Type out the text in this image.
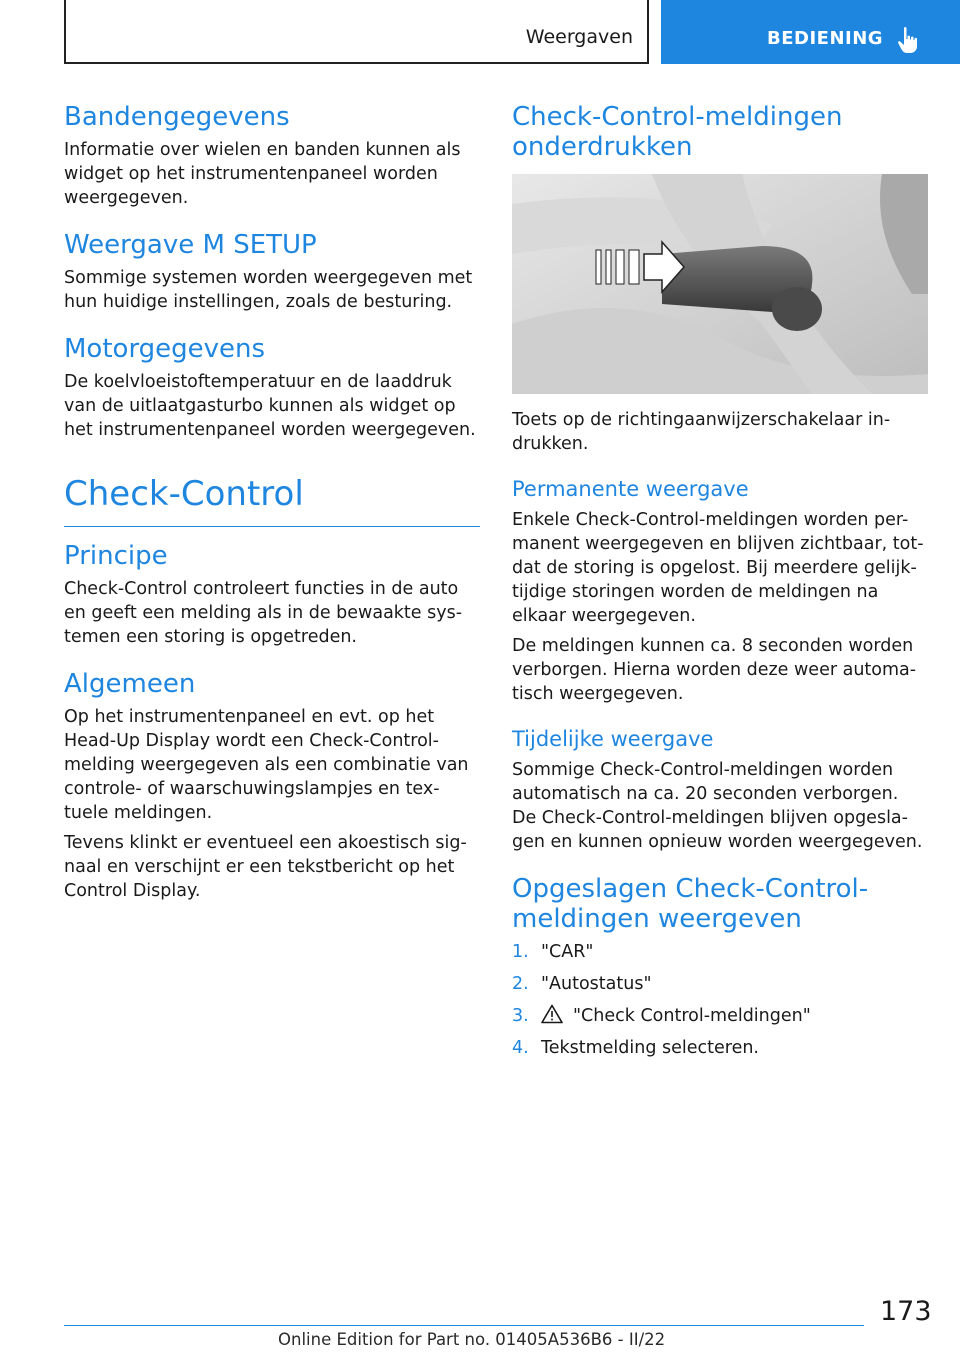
Weergaven	BEDIENING
Bandengegevens

Informatie over wielen en banden kunnen als widget op het instrumentenpaneel worden weergegeven.

Weergave M SETUP

Sommige systemen worden weergegeven met hun huidige instellingen, zoals de besturing.

Motorgegevens

De koelvloeistoftemperatuur en de laaddruk van de uitlaatgasturbo kunnen als widget op het instrumentenpaneel worden weergegeven.

Check-Control
Principe

Check-Control controleert functies in de auto en geeft een melding als in de bewaakte sys- temen een storing is opgetreden.

Algemeen

Op het instrumentenpaneel en evt. op het Head-Up Display wordt een Check-Control- melding weergegeven als een combinatie van controle- of waarschuwingslampjes en tex- tuele meldingen.

Tevens klinkt er eventueel een akoestisch sig- naal en verschijnt er een tekstbericht op het Control Display.

Check-Control-meldingen onderdrukken

Toets op de richtingaanwijzerschakelaar in- drukken.

Permanente weergave

Enkele Check-Control-meldingen worden per- manent weergegeven en blijven zichtbaar, tot- dat de storing is opgelost. Bij meerdere gelijk- tijdige storingen worden de meldingen na elkaar weergegeven.

De meldingen kunnen ca. 8 seconden worden verborgen. Hierna worden deze weer automa- tisch weergegeven.

Tijdelijke weergave

Sommige Check-Control-meldingen worden automatisch na ca. 20 seconden verborgen. De Check-Control-meldingen blijven opgesla- gen en kunnen opnieuw worden weergegeven.

Opgeslagen Check-Control- meldingen weergeven
1. "CAR"
2. "Autostatus"
3.	"Check Control-meldingen"
4. Tekstmelding selecteren.
173
Online Edition for Part no. 01405A536B6 - II/22
